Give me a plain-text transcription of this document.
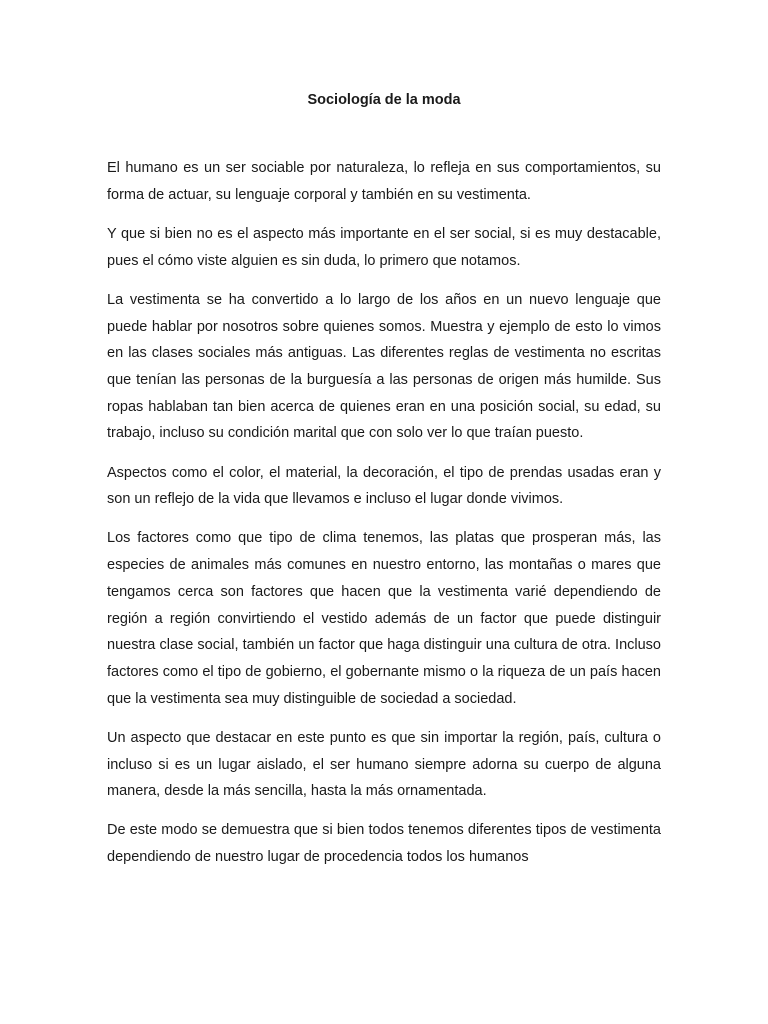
Sociología de la moda

El humano es un ser sociable por naturaleza, lo refleja en sus comportamientos, su forma de actuar, su lenguaje corporal y también en su vestimenta.

Y que si bien no es el aspecto más importante en el ser social, si es muy destacable, pues el cómo viste alguien es sin duda, lo primero que notamos.

La vestimenta se ha convertido a lo largo de los años en un nuevo lenguaje que puede hablar por nosotros sobre quienes somos. Muestra y ejemplo de esto lo vimos en las clases sociales más antiguas. Las diferentes reglas de vestimenta no escritas que tenían las personas de la burguesía a las personas de origen más humilde. Sus ropas hablaban tan bien acerca de quienes eran en una posición social, su edad, su trabajo, incluso su condición marital que con solo ver lo que traían puesto.

Aspectos como el color, el material, la decoración, el tipo de prendas usadas eran y son un reflejo de la vida que llevamos e incluso el lugar donde vivimos.

Los factores como que tipo de clima tenemos, las platas que prosperan más, las especies de animales más comunes en nuestro entorno, las montañas o mares que tengamos cerca son factores que hacen que la vestimenta varié dependiendo de región a región convirtiendo el vestido además de un factor que puede distinguir nuestra clase social, también un factor que haga distinguir una cultura de otra. Incluso factores como el tipo de gobierno, el gobernante mismo o la riqueza de un país hacen que la vestimenta sea muy distinguible de sociedad a sociedad.

Un aspecto que destacar en este punto es que sin importar la región, país, cultura o incluso si es un lugar aislado, el ser humano siempre adorna su cuerpo de alguna manera, desde la más sencilla, hasta la más ornamentada.

De este modo se demuestra que si bien todos tenemos diferentes tipos de vestimenta dependiendo de nuestro lugar de procedencia todos los humanos
